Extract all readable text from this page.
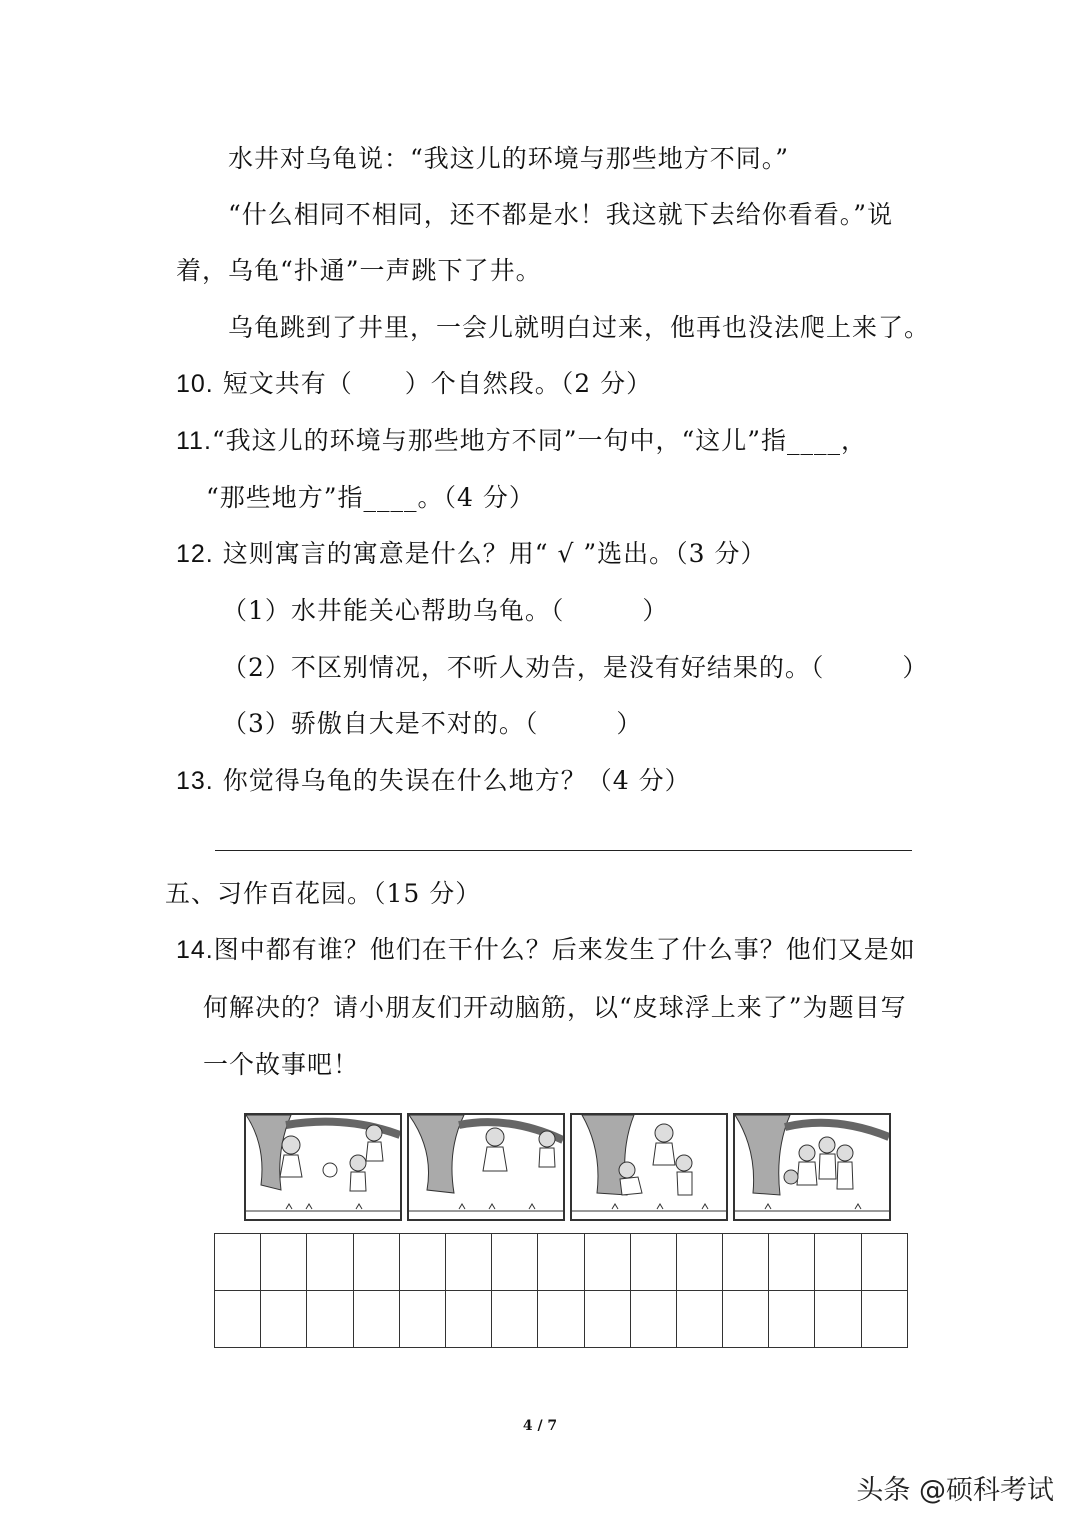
水井对乌龟说：“我这儿的环境与那些地方不同。”
“什么相同不相同，还不都是水！我这就下去给你看看。”说
着，乌龟“扑通”一声跳下了井。
乌龟跳到了井里，一会儿就明白过来，他再也没法爬上来了。
10. 短文共有（　　）个自然段。（2 分）
11.“我这儿的环境与那些地方不同”一句中，“这儿”指____，
“那些地方”指____。（4 分）
12. 这则寓言的寓意是什么？用“ √ ”选出。（3 分）
（1）水井能关心帮助乌龟。（　　　）
（2）不区别情况，不听人劝告，是没有好结果的。（　　　）
（3）骄傲自大是不对的。（　　　）
13. 你觉得乌龟的失误在什么地方？（4 分）
五、习作百花园。（15 分）
14.图中都有谁？他们在干什么？后来发生了什么事？他们又是如
何解决的？请小朋友们开动脑筋，以“皮球浮上来了”为题目写
一个故事吧！

4 / 7
头条 @硕科考试
